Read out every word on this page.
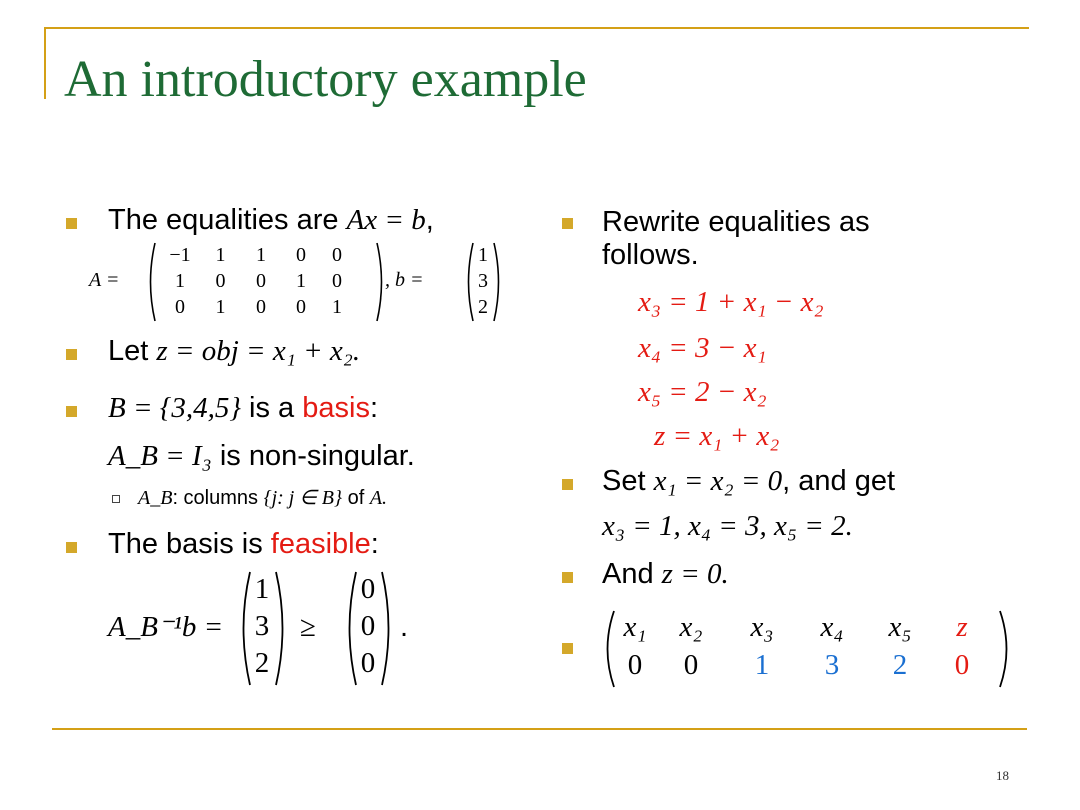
An introductory example
The equalities are Ax = b,
A =
−1	1	1	0	0
1	0	0	1	0
0	1	0	0	1
, b =
1
3
2
Let z = obj = x₁ + x₂.
B = {3,4,5} is a basis:
A_B = I₃ is non-singular.
A_B: columns {j: j ∈ B} of A.
The basis is feasible:
A_B⁻¹b =
1
3
2
≥
0
0
0
.
Rewrite equalities as follows.
x₃ = 1 + x₁ − x₂
x₄ = 3 − x₁
x₅ = 2 − x₂
z = x₁ + x₂
Set x₁ = x₂ = 0, and get
x₃ = 1, x₄ = 3, x₅ = 2.
And z = 0.
x₁	x₂	x₃	x₄	x₅	z
0	0	1	3	2	0
18
